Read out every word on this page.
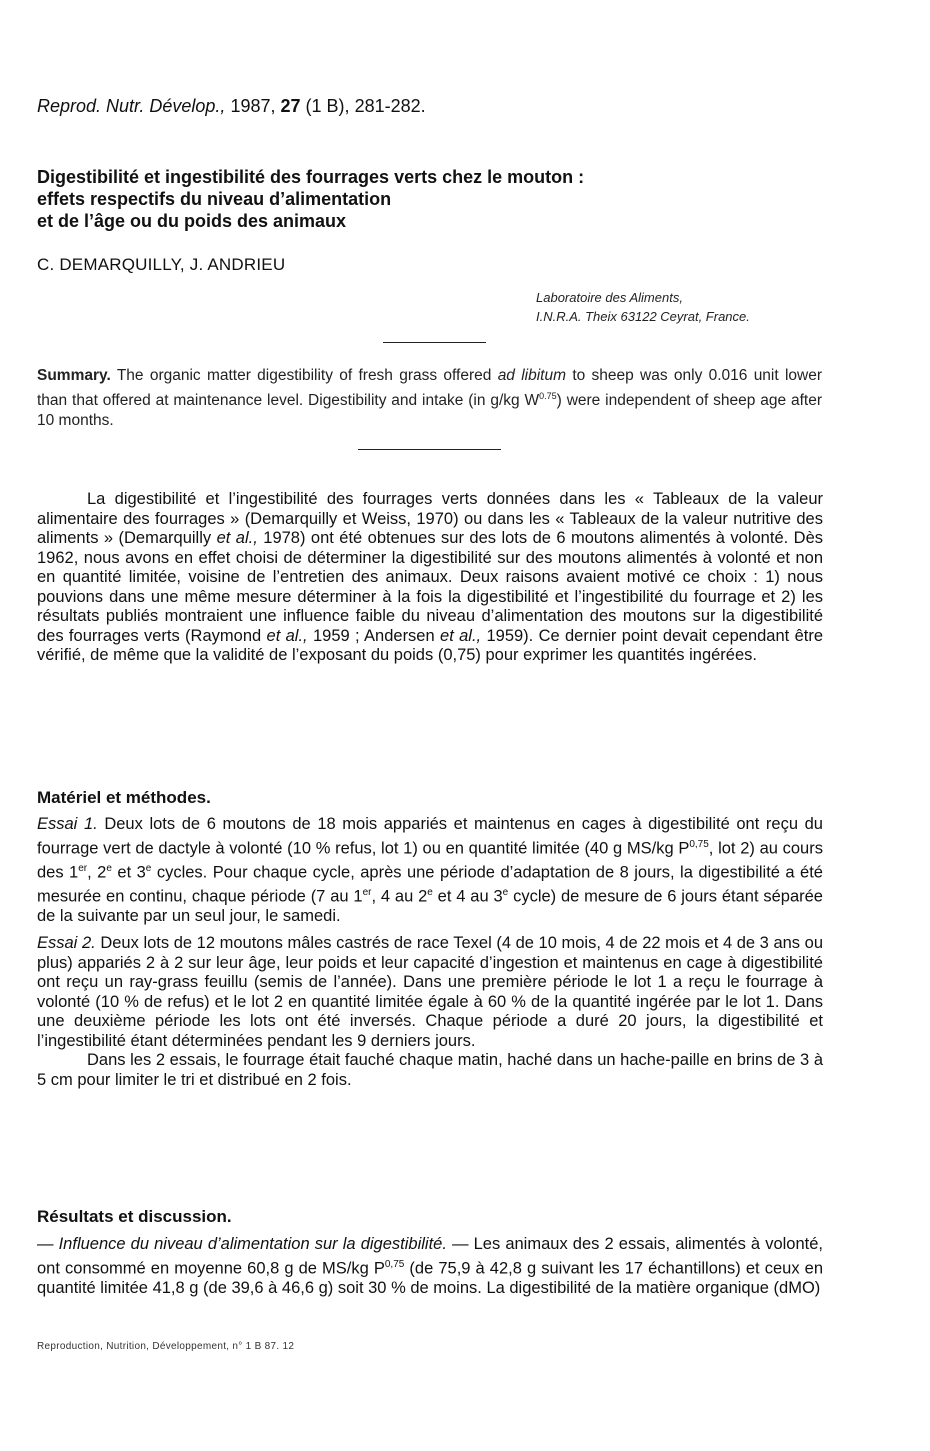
Reprod. Nutr. Dévelop., 1987, 27 (1 B), 281-282.
Digestibilité et ingestibilité des fourrages verts chez le mouton :
effets respectifs du niveau d’alimentation
et de l’âge ou du poids des animaux
C. DEMARQUILLY, J. ANDRIEU
Laboratoire des Aliments,
I.N.R.A. Theix 63122 Ceyrat, France.
Summary. The organic matter digestibility of fresh grass offered ad libitum to sheep was only 0.016 unit lower than that offered at maintenance level. Digestibility and intake (in g/kg $W^{0.75}$) were independent of sheep age after 10 months.

La digestibilité et l’ingestibilité des fourrages verts données dans les « Tableaux de la valeur alimentaire des fourrages » (Demarquilly et Weiss, 1970) ou dans les « Tableaux de la valeur nutritive des aliments » (Demarquilly et al., 1978) ont été obtenues sur des lots de 6 moutons alimentés à volonté. Dès 1962, nous avons en effet choisi de déterminer la digestibilité sur des moutons alimentés à volonté et non en quantité limitée, voisine de l’entretien des animaux. Deux raisons avaient motivé ce choix : 1) nous pouvions dans une même mesure déterminer à la fois la digestibilité et l’ingestibilité du fourrage et 2) les résultats publiés montraient une influence faible du niveau d’alimentation des moutons sur la digestibilité des fourrages verts (Raymond et al., 1959 ; Andersen et al., 1959). Ce dernier point devait cependant être vérifié, de même que la validité de l’exposant du poids (0,75) pour exprimer les quantités ingérées.

Matériel et méthodes.

Essai 1. Deux lots de 6 moutons de 18 mois appariés et maintenus en cages à digestibilité ont reçu du fourrage vert de dactyle à volonté (10 % refus, lot 1) ou en quantité limitée (40 g MS/kg P$^{0,75}$, lot 2) au cours des 1er, 2e et 3e cycles. Pour chaque cycle, après une période d’adaptation de 8 jours, la digestibilité a été mesurée en continu, chaque période (7 au 1er, 4 au 2e et 4 au 3e cycle) de mesure de 6 jours étant séparée de la suivante par un seul jour, le samedi.

Essai 2. Deux lots de 12 moutons mâles castrés de race Texel (4 de 10 mois, 4 de 22 mois et 4 de 3 ans ou plus) appariés 2 à 2 sur leur âge, leur poids et leur capacité d’ingestion et maintenus en cage à digestibilité ont reçu un ray-grass feuillu (semis de l’année). Dans une première période le lot 1 a reçu le fourrage à volonté (10 % de refus) et le lot 2 en quantité limitée égale à 60 % de la quantité ingérée par le lot 1. Dans une deuxième période les lots ont été inversés. Chaque période a duré 20 jours, la digestibilité et l’ingestibilité étant déterminées pendant les 9 derniers jours.

Dans les 2 essais, le fourrage était fauché chaque matin, haché dans un hache-paille en brins de 3 à 5 cm pour limiter le tri et distribué en 2 fois.

Résultats et discussion.

— Influence du niveau d’alimentation sur la digestibilité. — Les animaux des 2 essais, alimentés à volonté, ont consommé en moyenne 60,8 g de MS/kg P$^{0,75}$ (de 75,9 à 42,8 g suivant les 17 échantillons) et ceux en quantité limitée 41,8 g (de 39,6 à 46,6 g) soit 30 % de moins. La digestibilité de la matière organique (dMO)

Reproduction, Nutrition, Développement, n° 1 B 87. 12
